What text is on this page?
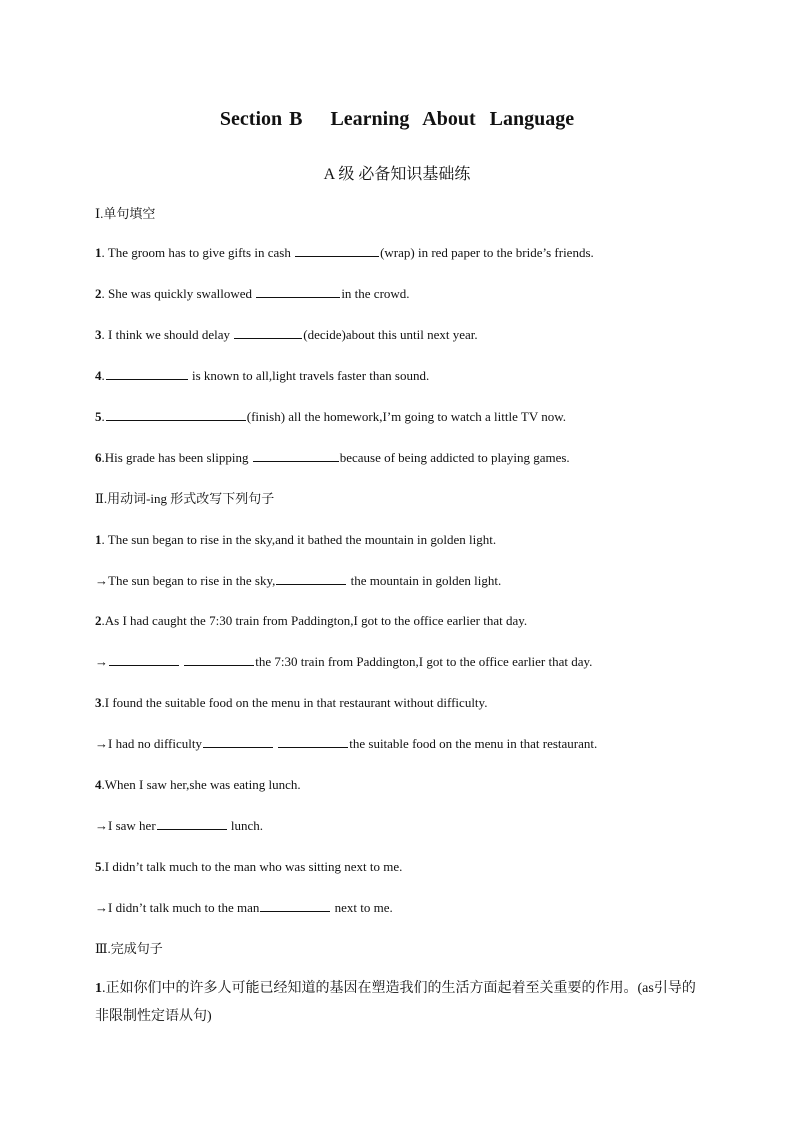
Section B    Learning  About  Language
A 级 必备知识基础练
Ⅰ.单句填空
1. The groom has to give gifts in cash	(wrap) in red paper to the bride’s friends.
2. She was quickly swallowed	in the crowd.
3. I think we should delay	(decide)about this until next year.
4.	is known to all,light travels faster than sound.
5.	(finish) all the homework,I’m going to watch a little TV now.
6.His grade has been slipping	because of being addicted to playing games.
Ⅱ.用动词-ing 形式改写下列句子
1. The sun began to rise in the sky,and it bathed the mountain in golden light.
→The sun began to rise in the sky,	the mountain in golden light.
2.As I had caught the 7:30 train from Paddington,I got to the office earlier that day.
→	the 7:30 train from Paddington,I got to the office earlier that day.
3.I found the suitable food on the menu in that restaurant without difficulty.
→I had no difficulty	the suitable food on the menu in that restaurant.
4.When I saw her,she was eating lunch.
→I saw her	lunch.
5.I didn’t talk much to the man who was sitting next to me.
→I didn’t talk much to the man	next to me.
Ⅲ.完成句子
1.正如你们中的许多人可能已经知道的基因在塑造我们的生活方面起着至关重要的作用。(as引导的非限制性定语从句)
